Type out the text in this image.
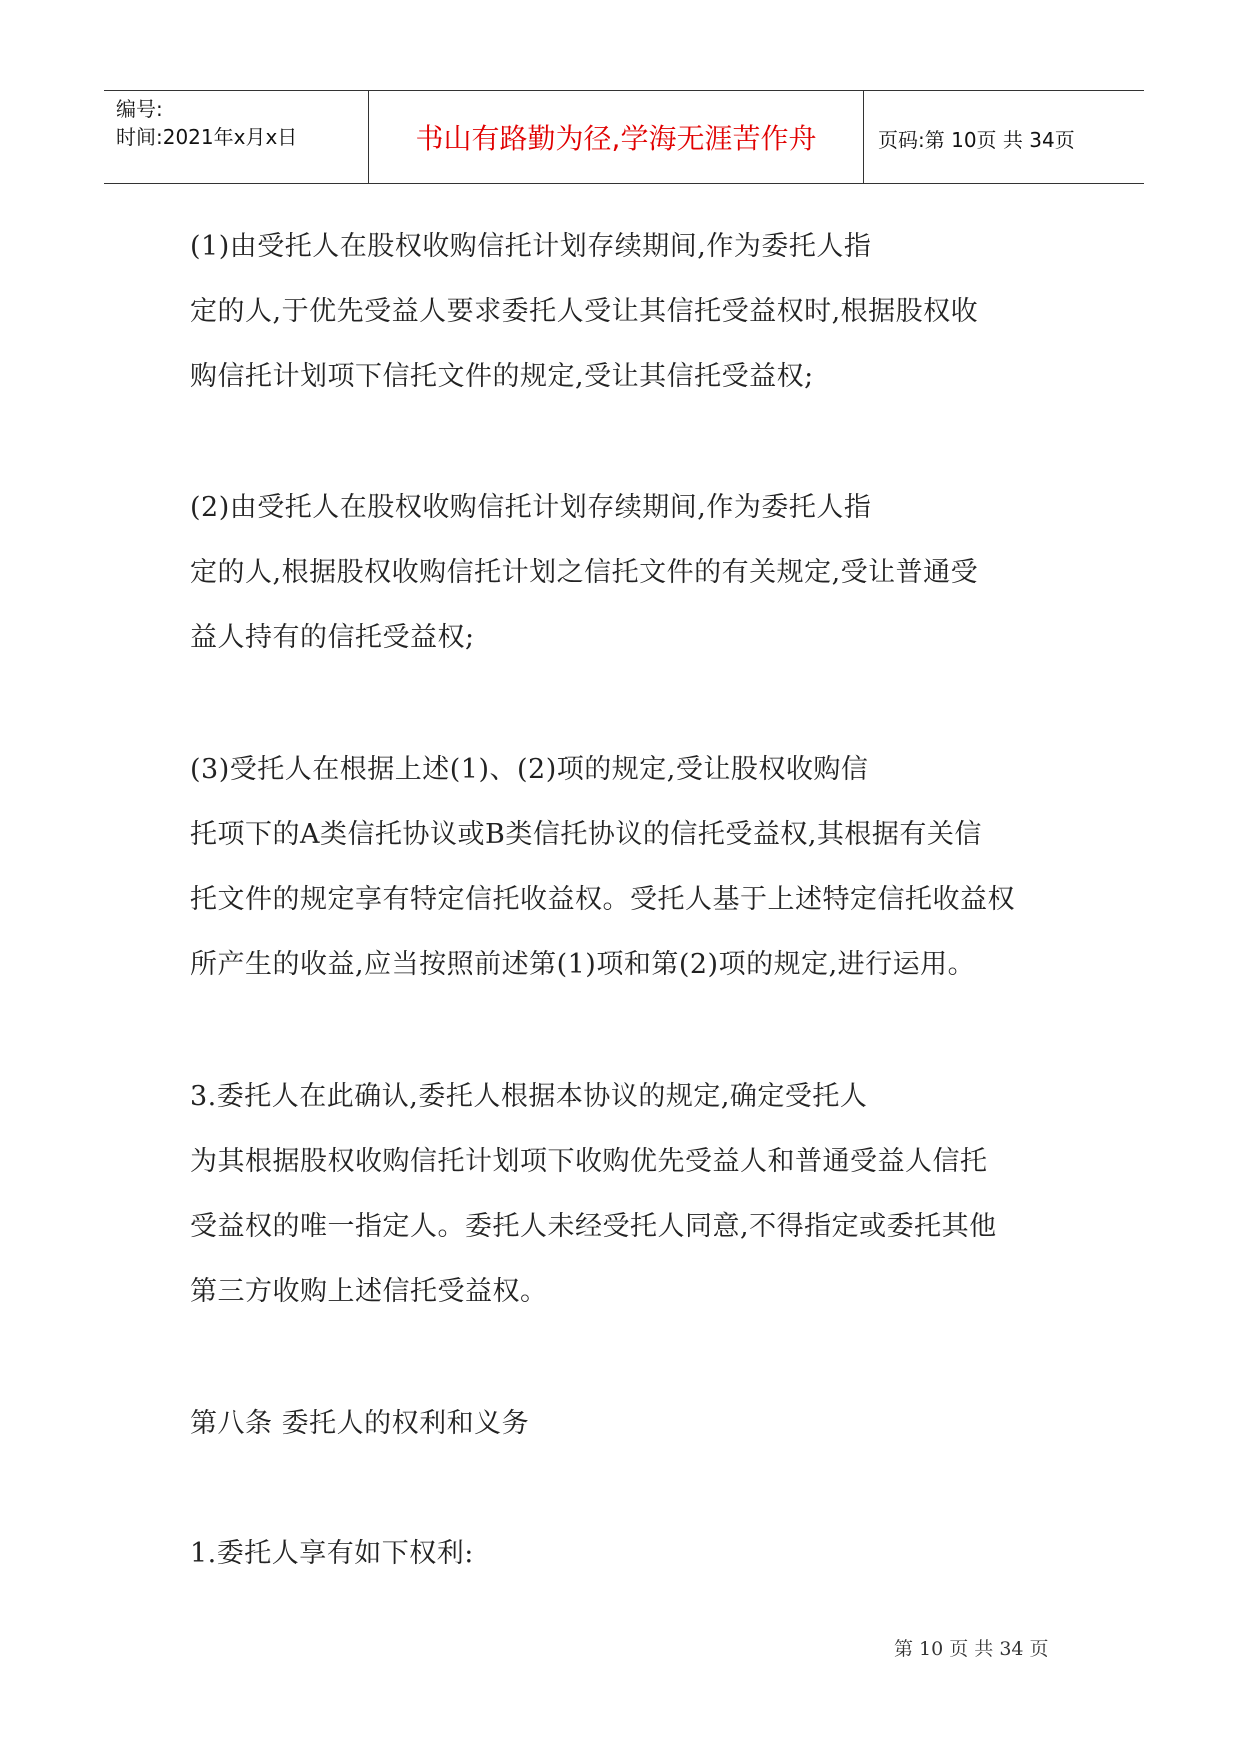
编号:
时间:2021年x月x日	书山有路勤为径,学海无涯苦作舟	页码:第 10页 共 34页
(1)由受托人在股权收购信托计划存续期间,作为委托人指
定的人,于优先受益人要求委托人受让其信托受益权时,根据股权收
购信托计划项下信托文件的规定,受让其信托受益权;
(2)由受托人在股权收购信托计划存续期间,作为委托人指
定的人,根据股权收购信托计划之信托文件的有关规定,受让普通受
益人持有的信托受益权;
(3)受托人在根据上述(1)、(2)项的规定,受让股权收购信
托项下的A类信托协议或B类信托协议的信托受益权,其根据有关信
托文件的规定享有特定信托收益权。受托人基于上述特定信托收益权
所产生的收益,应当按照前述第(1)项和第(2)项的规定,进行运用。
3.委托人在此确认,委托人根据本协议的规定,确定受托人
为其根据股权收购信托计划项下收购优先受益人和普通受益人信托
受益权的唯一指定人。委托人未经受托人同意,不得指定或委托其他
第三方收购上述信托受益权。
第八条 委托人的权利和义务
1.委托人享有如下权利:
第 10 页 共 34 页
